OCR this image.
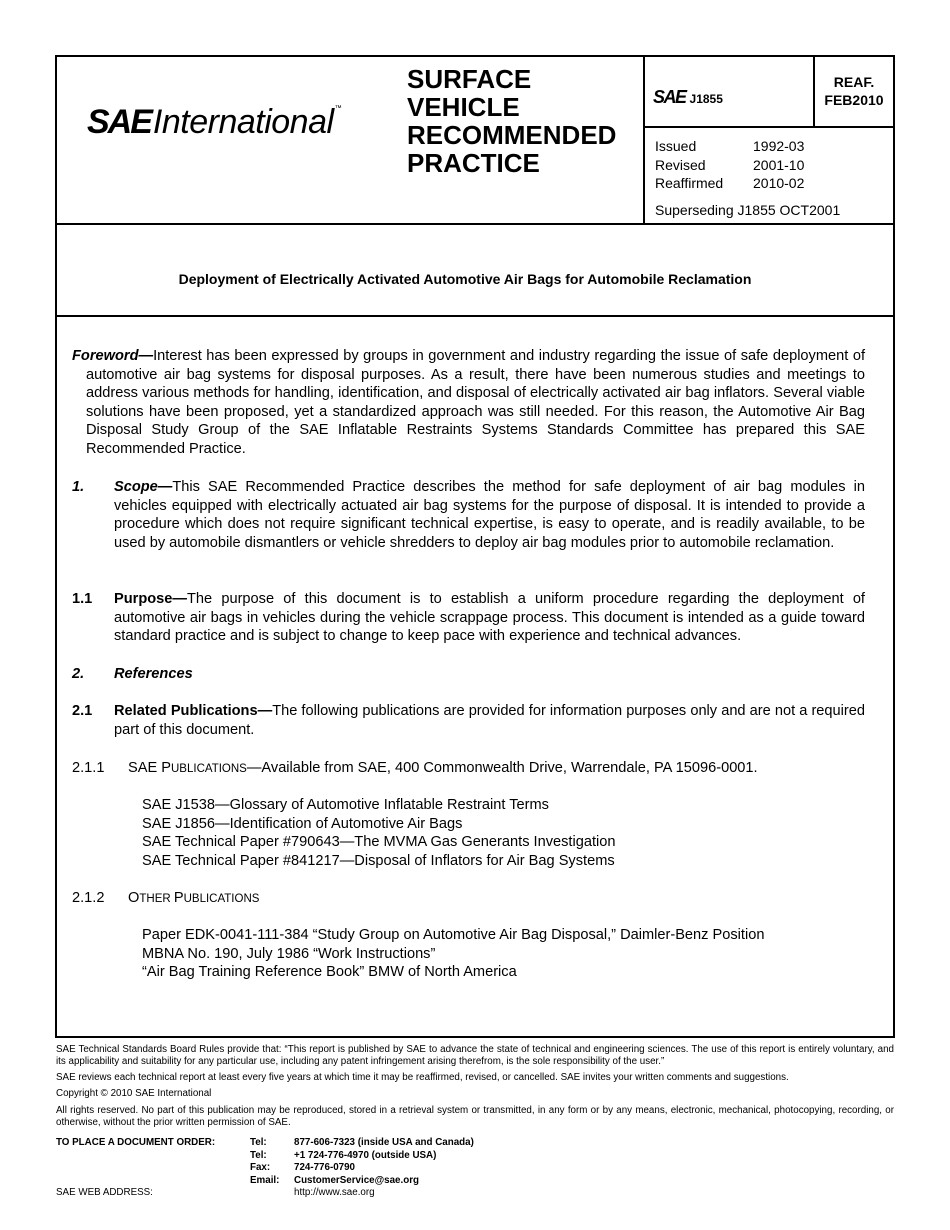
SAE International ™
SURFACE
VEHICLE
RECOMMENDED
PRACTICE
SAE J1855
REAF.
FEB2010
Issued	1992-03
Revised	2001-10
Reaffirmed	2010-02
Superseding J1855 OCT2001
Deployment of Electrically Activated Automotive Air Bags for Automobile Reclamation
Foreword—Interest has been expressed by groups in government and industry regarding the issue of safe deployment of automotive air bag systems for disposal purposes. As a result, there have been numerous studies and meetings to address various methods for handling, identification, and disposal of electrically activated air bag inflators. Several viable solutions have been proposed, yet a standardized approach was still needed. For this reason, the Automotive Air Bag Disposal Study Group of the SAE Inflatable Restraints Systems Standards Committee has prepared this SAE Recommended Practice.
1. Scope—This SAE Recommended Practice describes the method for safe deployment of air bag modules in vehicles equipped with electrically actuated air bag systems for the purpose of disposal. It is intended to provide a procedure which does not require significant technical expertise, is easy to operate, and is readily available, to be used by automobile dismantlers or vehicle shredders to deploy air bag modules prior to automobile reclamation.
1.1 Purpose—The purpose of this document is to establish a uniform procedure regarding the deployment of automotive air bags in vehicles during the vehicle scrappage process. This document is intended as a guide toward standard practice and is subject to change to keep pace with experience and technical advances.
2. References
2.1 Related Publications—The following publications are provided for information purposes only and are not a required part of this document.
2.1.1 SAE PUBLICATIONS—Available from SAE, 400 Commonwealth Drive, Warrendale, PA 15096-0001.
SAE J1538—Glossary of Automotive Inflatable Restraint Terms
SAE J1856—Identification of Automotive Air Bags
SAE Technical Paper #790643—The MVMA Gas Generants Investigation
SAE Technical Paper #841217—Disposal of Inflators for Air Bag Systems
2.1.2 OTHER PUBLICATIONS
Paper EDK-0041-111-384 “Study Group on Automotive Air Bag Disposal,” Daimler-Benz Position
MBNA No. 190, July 1986 “Work Instructions”
“Air Bag Training Reference Book” BMW of North America

SAE Technical Standards Board Rules provide that: “This report is published by SAE to advance the state of technical and engineering sciences. The use of this report is entirely voluntary, and its applicability and suitability for any particular use, including any patent infringement arising therefrom, is the sole responsibility of the user.”

SAE reviews each technical report at least every five years at which time it may be reaffirmed, revised, or cancelled. SAE invites your written comments and suggestions.

Copyright © 2010 SAE International

All rights reserved. No part of this publication may be reproduced, stored in a retrieval system or transmitted, in any form or by any means, electronic, mechanical, photocopying, recording, or otherwise, without the prior written permission of SAE.

TO PLACE A DOCUMENT ORDER:	Tel:	877-606-7323 (inside USA and Canada)
Tel:	+1 724-776-4970 (outside USA)
Fax:	724-776-0790
Email:	CustomerService@sae.org
SAE WEB ADDRESS:	http://www.sae.org
